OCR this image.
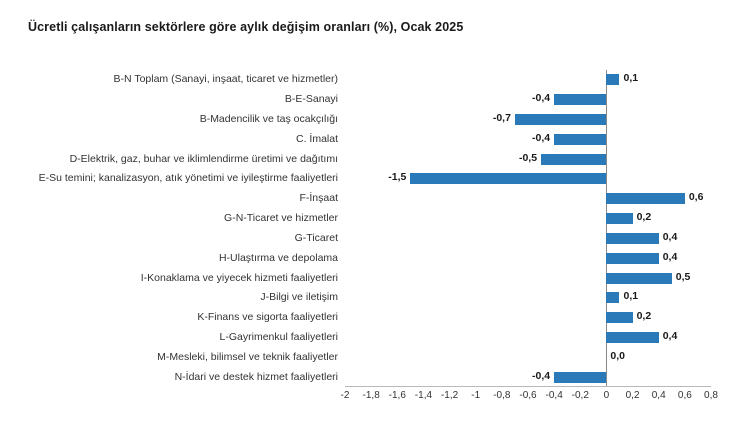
Ücretli çalışanların sektörlere göre aylık değişim oranları (%), Ocak 2025
B-N Toplam (Sanayi, inşaat, ticaret ve hizmetler)
B-E-Sanayi
B-Madencilik ve taş ocakçılığı
C. İmalat
D-Elektrik, gaz, buhar ve iklimlendirme üretimi ve dağıtımı
E-Su temini; kanalizasyon, atık yönetimi ve iyileştirme faaliyetleri
F-İnşaat
G-N-Ticaret ve hizmetler
G-Ticaret
H-Ulaştırma ve depolama
I-Konaklama ve yiyecek hizmeti faaliyetleri
J-Bilgi ve iletişim
K-Finans ve sigorta faaliyetleri
L-Gayrimenkul faaliyetleri
M-Mesleki, bilimsel ve teknik faaliyetler
N-İdari ve destek hizmet faaliyetleri
0,1
-0,4
-0,7
-0,4
-0,5
-1,5
0,6
0,2
0,4
0,4
0,5
0,1
0,2
0,4
0,0
-0,4
-2 -1,8 -1,6 -1,4 -1,2 -1 -0,8 -0,6 -0,4 -0,2 0 0,2 0,4 0,6 0,8
